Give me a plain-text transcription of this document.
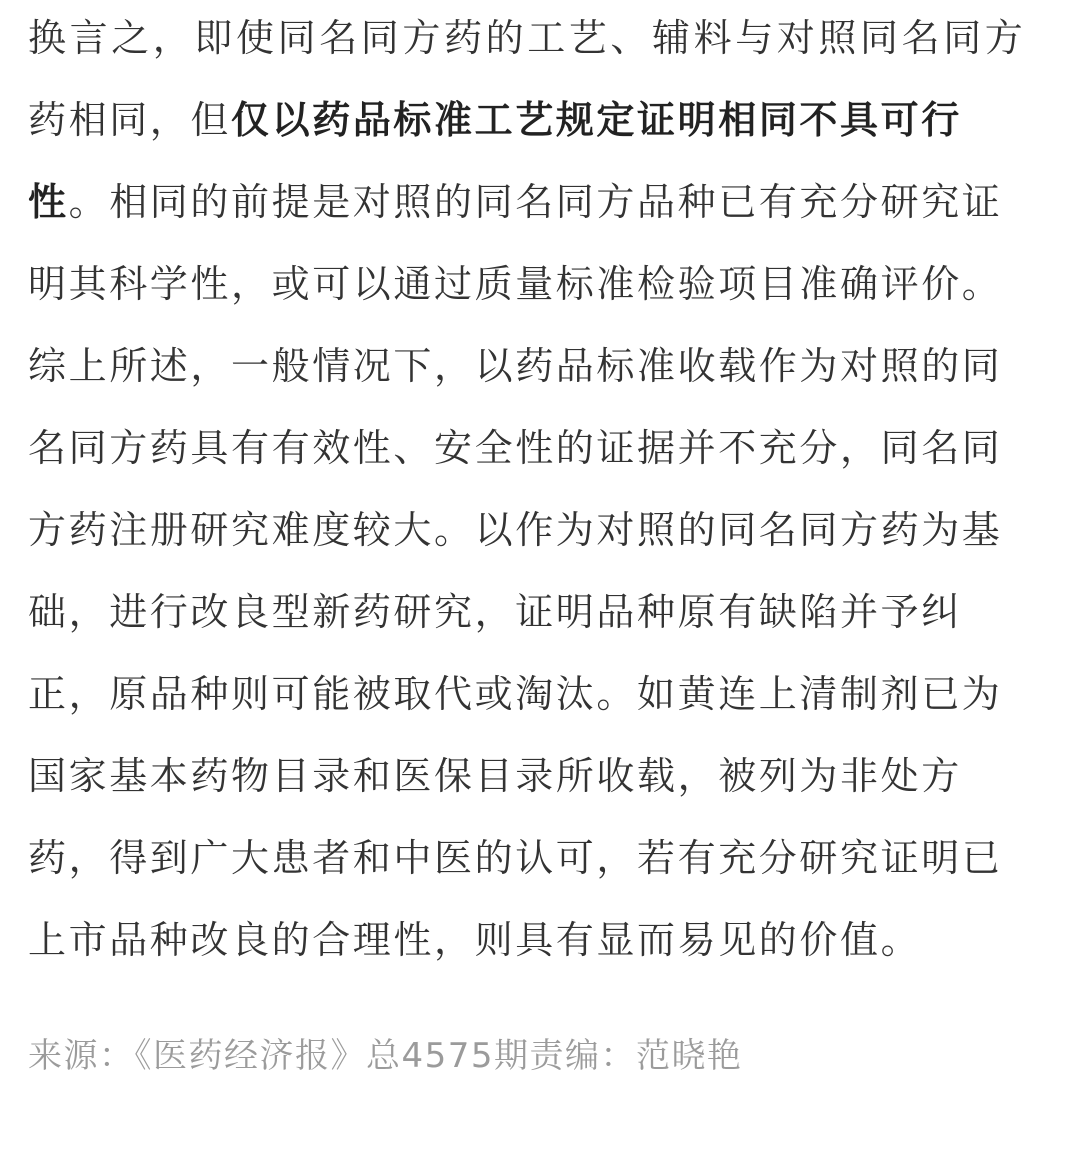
换言之，即使同名同方药的工艺、辅料与对照同名同方
药相同，但仅以药品标准工艺规定证明相同不具可行
性。相同的前提是对照的同名同方品种已有充分研究证
明其科学性，或可以通过质量标准检验项目准确评价。
综上所述，一般情况下，以药品标准收载作为对照的同
名同方药具有有效性、安全性的证据并不充分，同名同
方药注册研究难度较大。以作为对照的同名同方药为基
础，进行改良型新药研究，证明品种原有缺陷并予纠
正，原品种则可能被取代或淘汰。如黄连上清制剂已为
国家基本药物目录和医保目录所收载，被列为非处方
药，得到广大患者和中医的认可，若有充分研究证明已
上市品种改良的合理性，则具有显而易见的价值。
来源：《医药经济报》总4575期责编：范晓艳
